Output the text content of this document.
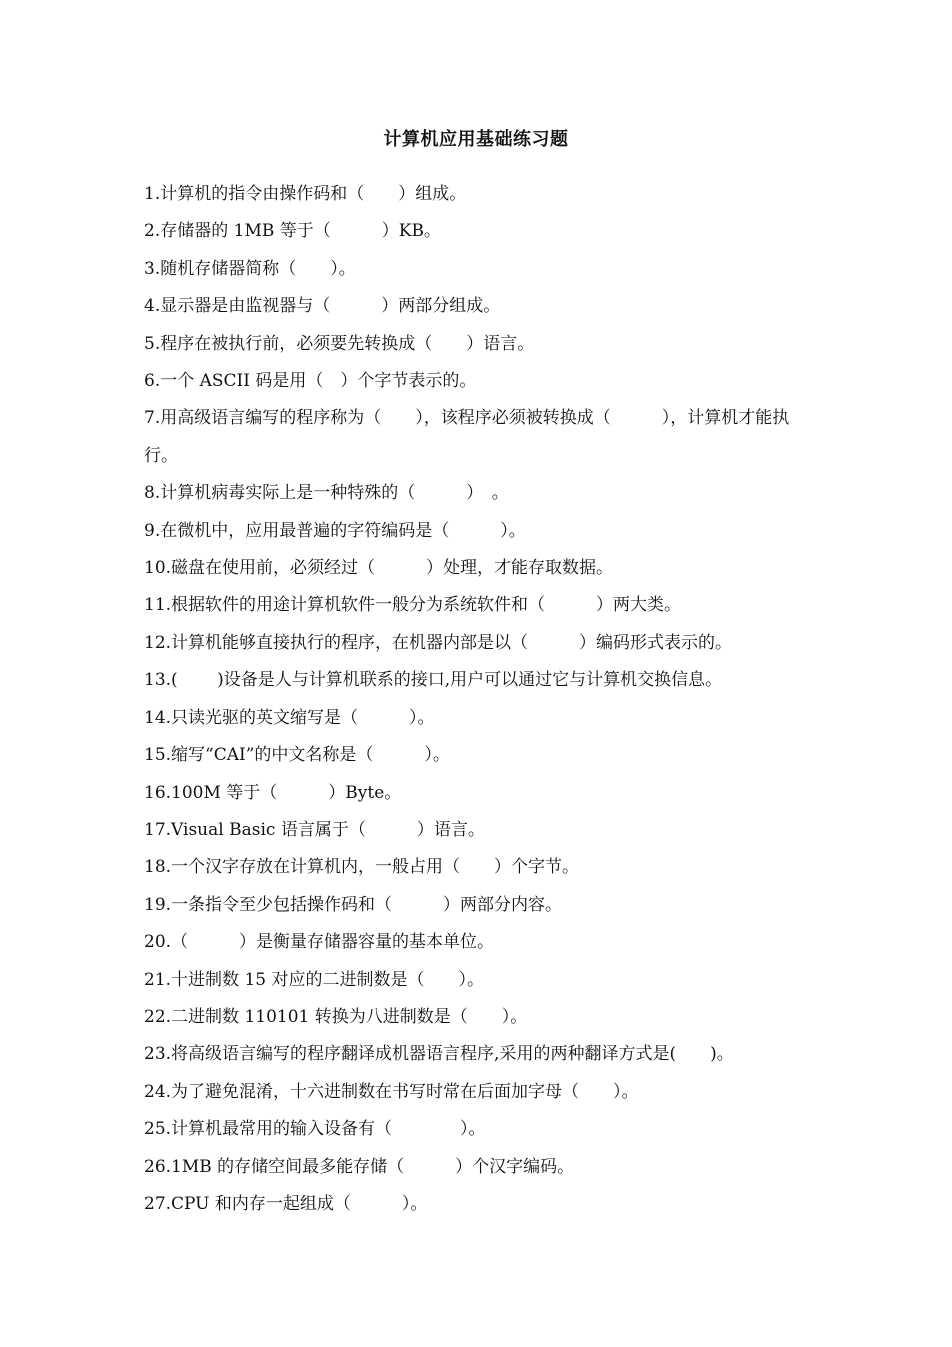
计算机应用基础练习题
1.计算机的指令由操作码和（　　）组成。
2.存储器的 1MB 等于（　　　）KB。
3.随机存储器简称（　　）。
4.显示器是由监视器与（　　　）两部分组成。
5.程序在被执行前，必须要先转换成（　　）语言。
6.一个 ASCII 码是用（　）个字节表示的。
7.用高级语言编写的程序称为（　　），该程序必须被转换成（　　　），计算机才能执行。
8.计算机病毒实际上是一种特殊的（　　　）　。
9.在微机中，应用最普遍的字符编码是（　　　）。
10.磁盘在使用前，必须经过（　　　）处理，才能存取数据。
11.根据软件的用途计算机软件一般分为系统软件和（　　　）两大类。
12.计算机能够直接执行的程序，在机器内部是以（　　　）编码形式表示的。
13.(　　 )设备是人与计算机联系的接口,用户可以通过它与计算机交换信息。
14.只读光驱的英文缩写是（　　　）。
15.缩写“CAI”的中文名称是（　　　）。
16.100M 等于（　　　）Byte。
17.Visual Basic 语言属于（　　　）语言。
18.一个汉字存放在计算机内，一般占用（　　）个字节。
19.一条指令至少包括操作码和（　　　）两部分内容。
20.（　　　）是衡量存储器容量的基本单位。
21.十进制数 15 对应的二进制数是（　　）。
22.二进制数 110101 转换为八进制数是（　　）。
23.将高级语言编写的程序翻译成机器语言程序,采用的两种翻译方式是(　　)。
24.为了避免混淆，十六进制数在书写时常在后面加字母（　　）。
25.计算机最常用的输入设备有（　　　　）。
26.1MB 的存储空间最多能存储（　　　）个汉字编码。
27.CPU 和内存一起组成（　　　）。
